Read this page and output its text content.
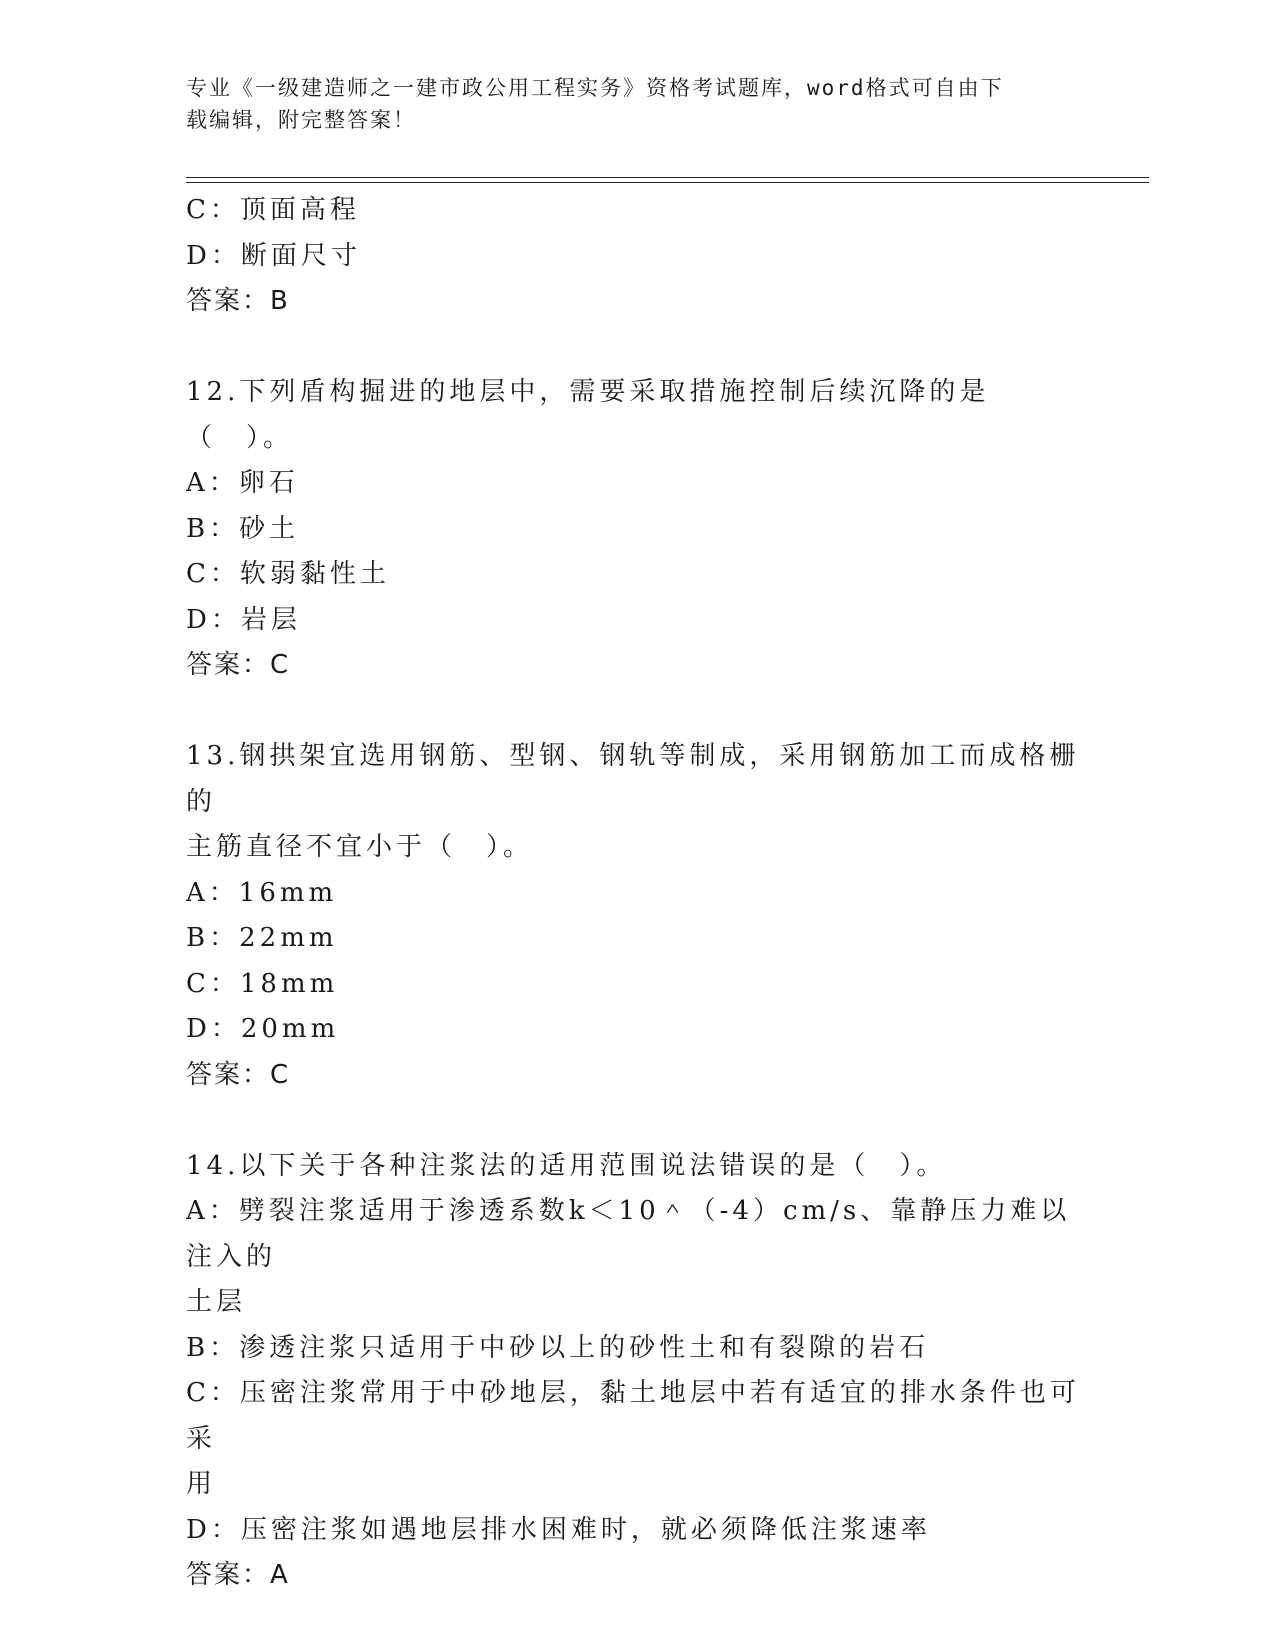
专业《一级建造师之一建市政公用工程实务》资格考试题库，word格式可自由下
载编辑，附完整答案！
C：顶面高程
D：断面尺寸
答案：B
12.下列盾构掘进的地层中，需要采取措施控制后续沉降的是（　）。
A：卵石
B：砂土
C：软弱黏性土
D：岩层
答案：C
13.钢拱架宜选用钢筋、型钢、钢轨等制成，采用钢筋加工而成格栅的
主筋直径不宜小于（　）。
A：16mm
B：22mm
C：18mm
D：20mm
答案：C
14.以下关于各种注浆法的适用范围说法错误的是（　）。
A：劈裂注浆适用于渗透系数k＜10＾（-4）cm/s、靠静压力难以注入的
土层
B：渗透注浆只适用于中砂以上的砂性土和有裂隙的岩石
C：压密注浆常用于中砂地层，黏土地层中若有适宜的排水条件也可采
用
D：压密注浆如遇地层排水困难时，就必须降低注浆速率
答案：A
